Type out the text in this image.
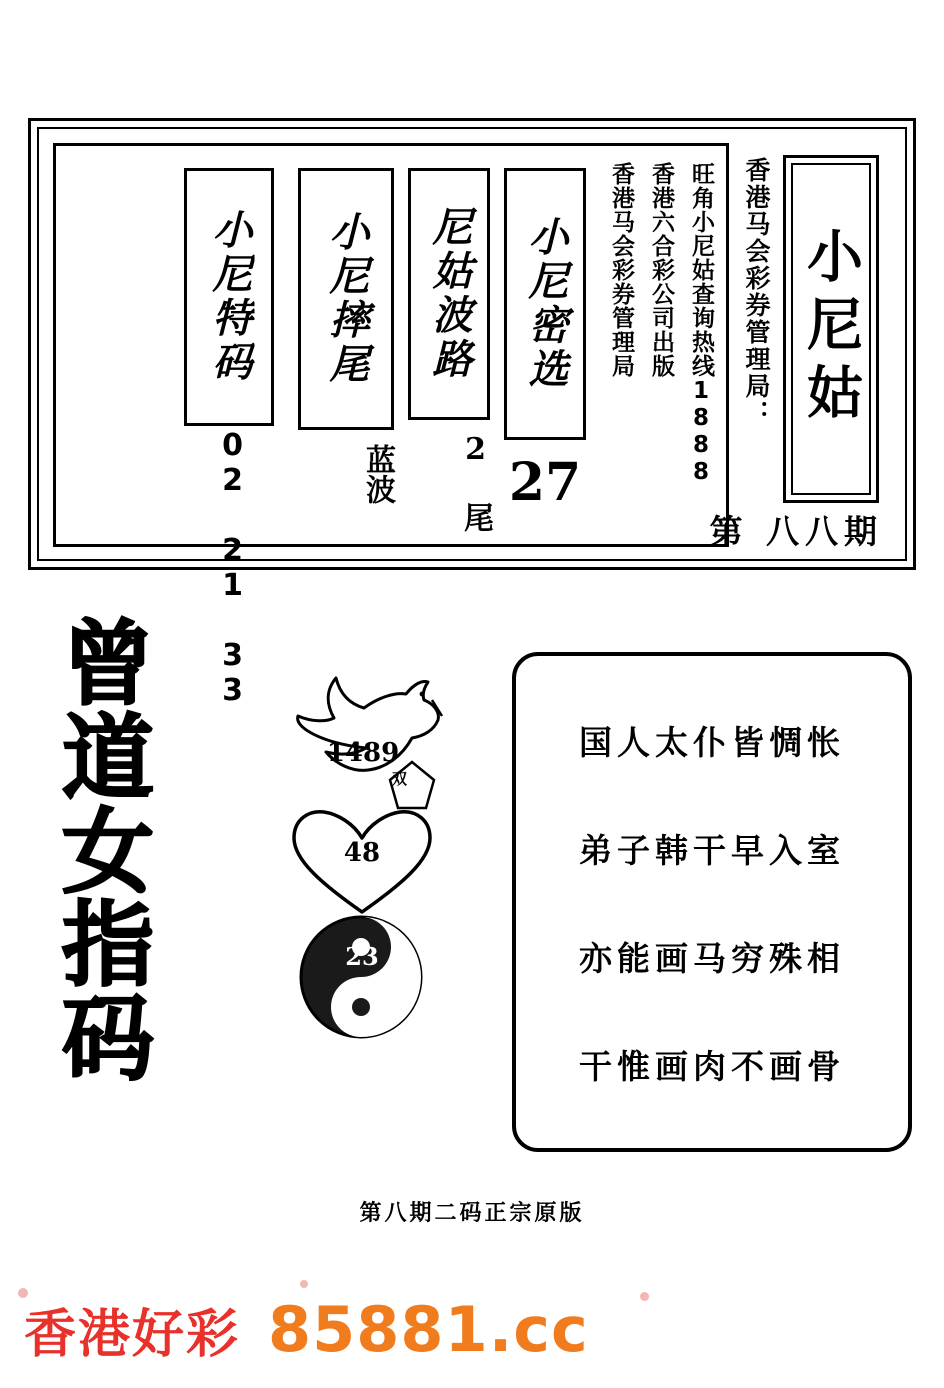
小尼姑
香港马会彩券管理局：
第 八八期
旺角小尼姑查询热线1888
香港六合彩公司出版
香港马会彩券管理局
小尼特码
27
小尼摔尾
2 尾
尼姑波路
蓝波
小尼密选
02 21 33
曾
道
女
指
码
1489
双
48
23
国人太仆皆惆怅
弟子韩干早入室
亦能画马穷殊相
干惟画肉不画骨
第八期二码正宗原版
香港好彩 85881.cc
